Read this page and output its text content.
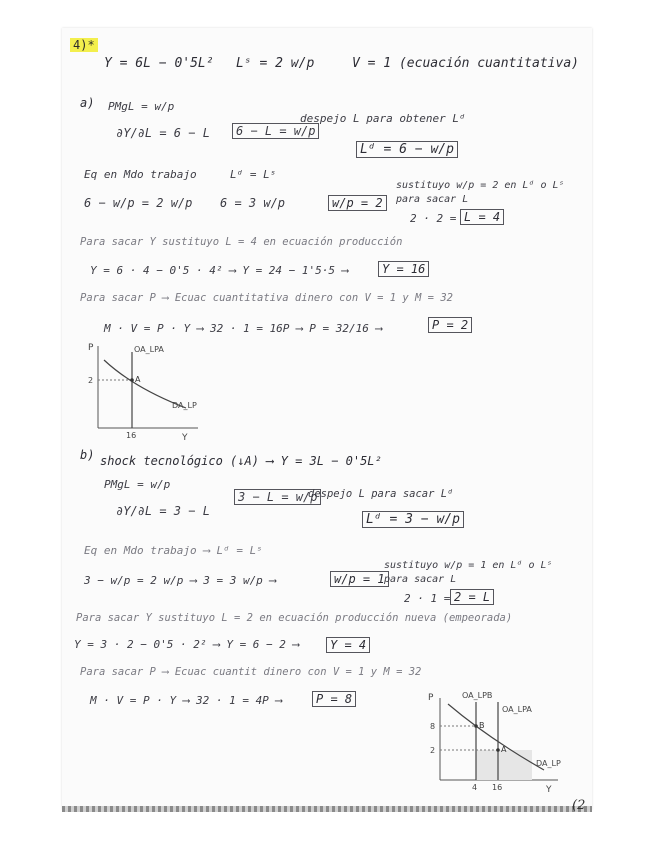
4)*
Y = 6L − 0'5L² Lˢ = 2 w/p	V = 1 (ecuación cuantitativa)
a) PMgL = w/p
∂Y/∂L = 6 − L	6 − L = w/p
despejo L para obtener Lᵈ
Lᵈ = 6 − w/p
Eq en Mdo trabajo	Lᵈ = Lˢ
6 − w/p = 2 w/p 6 = 3 w/p	w/p = 2
sustituyo w/p = 2 en Lᵈ o Lˢ
para sacar L
2 · 2 = L = 4
Para sacar Y sustituyo L = 4 en ecuación producción
Y = 6 · 4 − 0'5 · 4² ⟶ Y = 24 − 1'5·5 ⟶	Y = 16
Para sacar P ⟶ Ecuac cuantitativa dinero con V = 1 y M = 32
M · V = P · Y ⟶ 32 · 1 = 16P ⟶ P = 32/16 ⟶	P = 2
P
Y
OA_LPA
DA_LP
A
2
16
b) shock tecnológico (↓A) ⟶ Y = 3L − 0'5L²
PMgL = w/p
∂Y/∂L = 3 − L
3 − L = w/p
despejo L para sacar Lᵈ
Lᵈ = 3 − w/p
Eq en Mdo trabajo ⟶ Lᵈ = Lˢ
3 − w/p = 2 w/p ⟶ 3 = 3 w/p ⟶	w/p = 1
sustituyo w/p = 1 en Lᵈ o Lˢ
para sacar L
2 · 1 = 2 = L
Para sacar Y sustituyo L = 2 en ecuación producción nueva (empeorada)
Y = 3 · 2 − 0'5 · 2² ⟶ Y = 6 − 2 ⟶	Y = 4
Para sacar P ⟶ Ecuac cuantit dinero con V = 1 y M = 32
M · V = P · Y ⟶ 32 · 1 = 4P ⟶	P = 8	P
Y
OA_LPB
OA_LPA
DA_LP
B
A
8
2
4 16
(2
